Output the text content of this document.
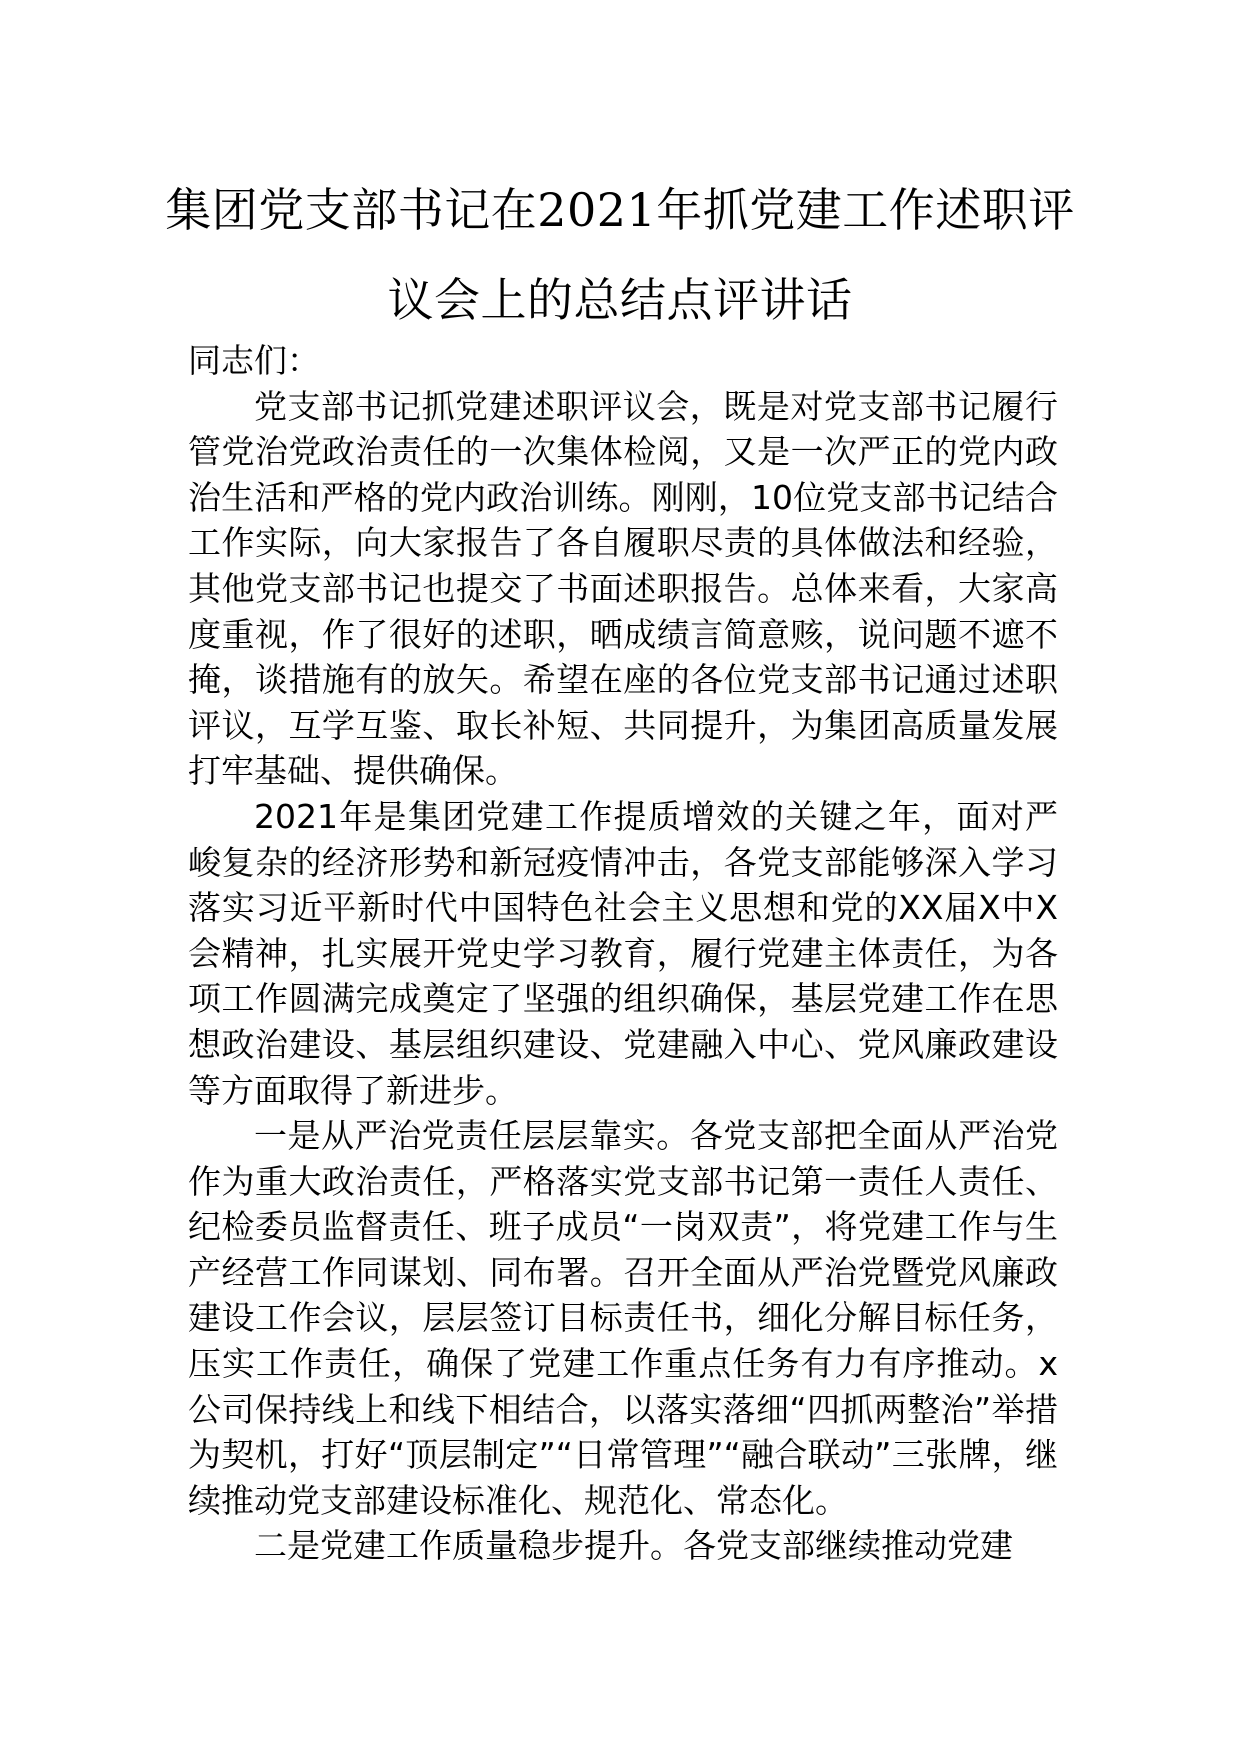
集团党支部书记在2021年抓党建工作述职评议会上的总结点评讲话

同志们：

党支部书记抓党建述职评议会，既是对党支部书记履行管党治党政治责任的一次集体检阅，又是一次严正的党内政治生活和严格的党内政治训练。刚刚，10位党支部书记结合工作实际，向大家报告了各自履职尽责的具体做法和经验，其他党支部书记也提交了书面述职报告。总体来看，大家高度重视，作了很好的述职，晒成绩言简意赅，说问题不遮不掩，谈措施有的放矢。希望在座的各位党支部书记通过述职评议，互学互鉴、取长补短、共同提升，为集团高质量发展打牢基础、提供确保。

2021年是集团党建工作提质增效的关键之年，面对严峻复杂的经济形势和新冠疫情冲击，各党支部能够深入学习落实习近平新时代中国特色社会主义思想和党的XX届X中X会精神，扎实展开党史学习教育，履行党建主体责任，为各项工作圆满完成奠定了坚强的组织确保，基层党建工作在思想政治建设、基层组织建设、党建融入中心、党风廉政建设等方面取得了新进步。

一是从严治党责任层层靠实。各党支部把全面从严治党作为重大政治责任，严格落实党支部书记第一责任人责任、纪检委员监督责任、班子成员“一岗双责”，将党建工作与生产经营工作同谋划、同布署。召开全面从严治党暨党风廉政建设工作会议，层层签订目标责任书，细化分解目标任务，压实工作责任，确保了党建工作重点任务有力有序推动。x公司保持线上和线下相结合，以落实落细“四抓两整治”举措为契机，打好“顶层制定”“日常管理”“融合联动”三张牌，继续推动党支部建设标准化、规范化、常态化。

二是党建工作质量稳步提升。各党支部继续推动党建
